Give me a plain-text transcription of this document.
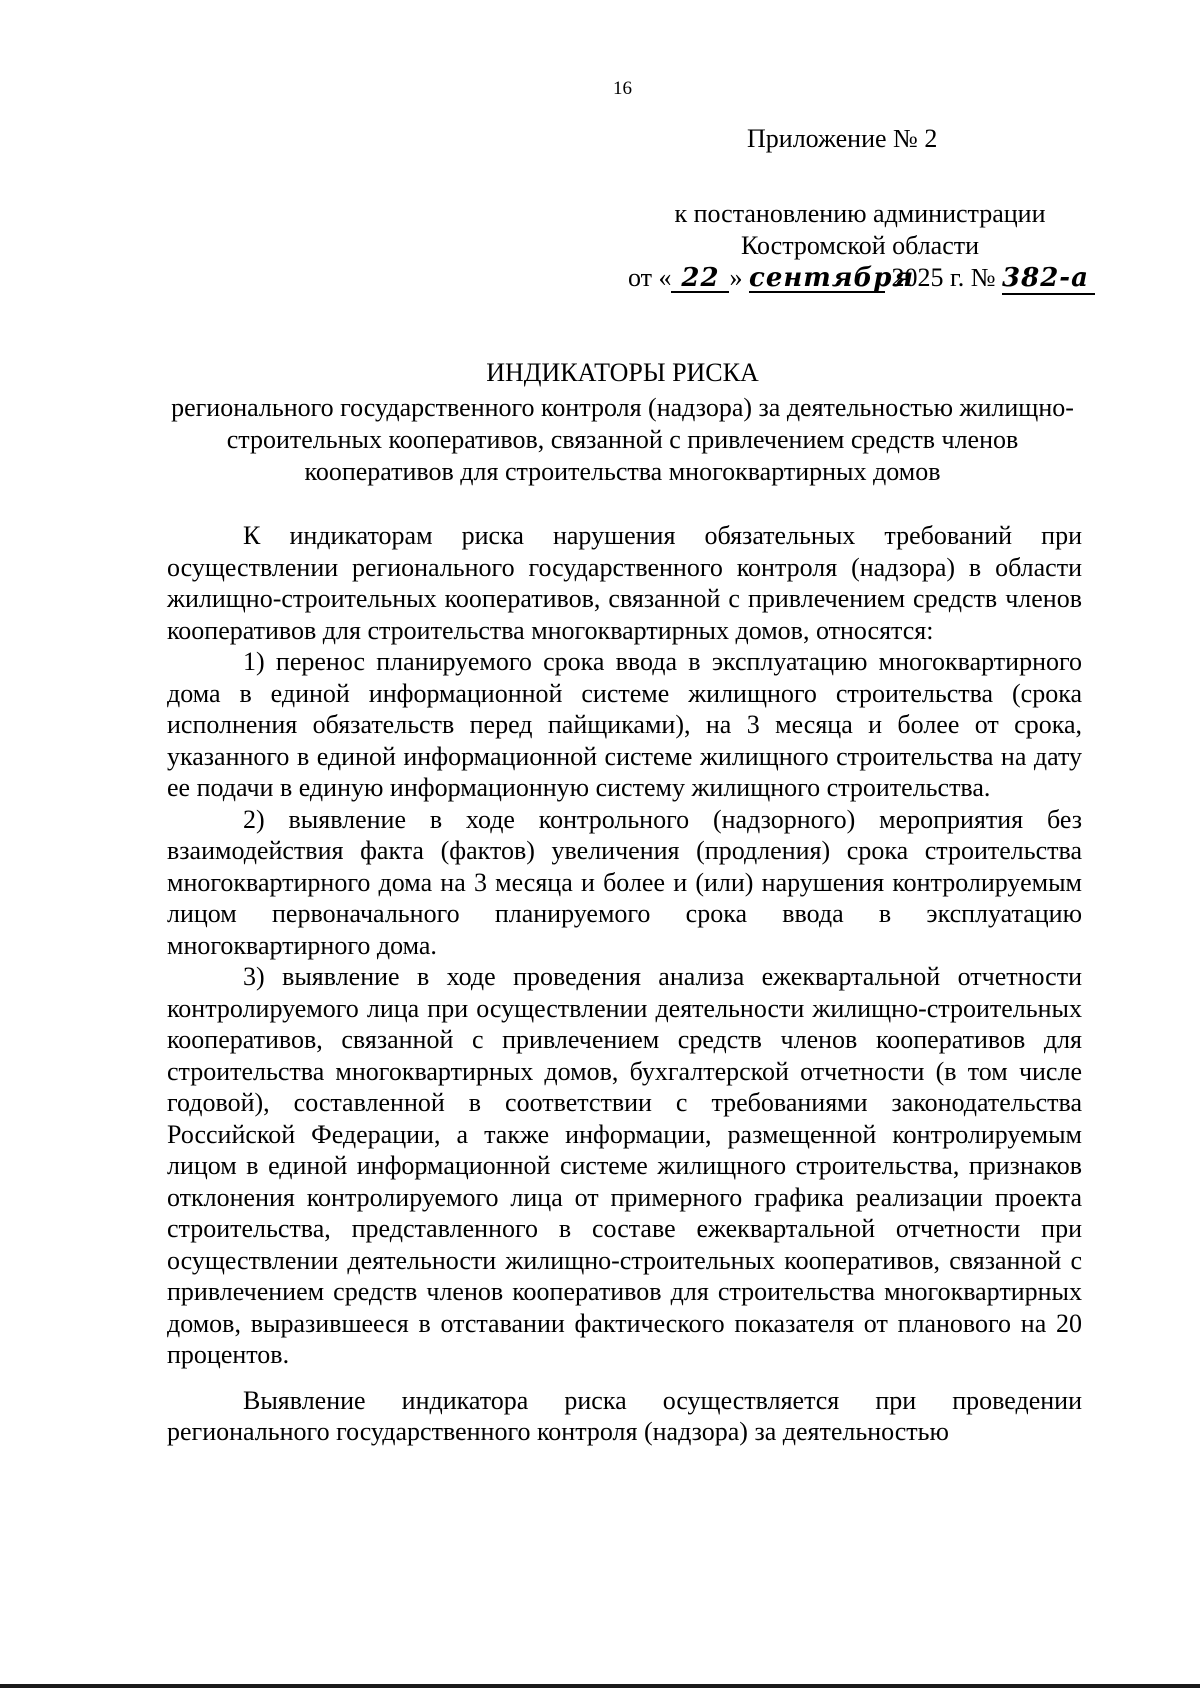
16
Приложение № 2
к постановлению администрации
Костромской области
от « 22 » сентября 2025 г. № 382-а
ИНДИКАТОРЫ РИСКА
регионального государственного контроля (надзора) за деятельностью жилищно-строительных кооперативов, связанной с привлечением средств членов кооперативов для строительства многоквартирных домов

К индикаторам риска нарушения обязательных требований при осуществлении регионального государственного контроля (надзора) в области жилищно-строительных кооперативов, связанной с привлечением средств членов кооперативов для строительства многоквартирных домов, относятся:

1) перенос планируемого срока ввода в эксплуатацию многоквартирного дома в единой информационной системе жилищного строительства (срока исполнения обязательств перед пайщиками), на 3 месяца и более от срока, указанного в единой информационной системе жилищного строительства на дату ее подачи в единую информационную систему жилищного строительства.

2) выявление в ходе контрольного (надзорного) мероприятия без взаимодействия факта (фактов) увеличения (продления) срока строительства многоквартирного дома на 3 месяца и более и (или) нарушения контролируемым лицом первоначального планируемого срока ввода в эксплуатацию многоквартирного дома.

3) выявление в ходе проведения анализа ежеквартальной отчетности контролируемого лица при осуществлении деятельности жилищно-строительных кооперативов, связанной с привлечением средств членов кооперативов для строительства многоквартирных домов, бухгалтерской отчетности (в том числе годовой), составленной в соответствии с требованиями законодательства Российской Федерации, а также информации, размещенной контролируемым лицом в единой информационной системе жилищного строительства, признаков отклонения контролируемого лица от примерного графика реализации проекта строительства, представленного в составе ежеквартальной отчетности при осуществлении деятельности жилищно-строительных кооперативов, связанной с привлечением средств членов кооперативов для строительства многоквартирных домов, выразившееся в отставании фактического показателя от планового на 20 процентов.

Выявление индикатора риска осуществляется при проведении регионального государственного контроля (надзора) за деятельностью
